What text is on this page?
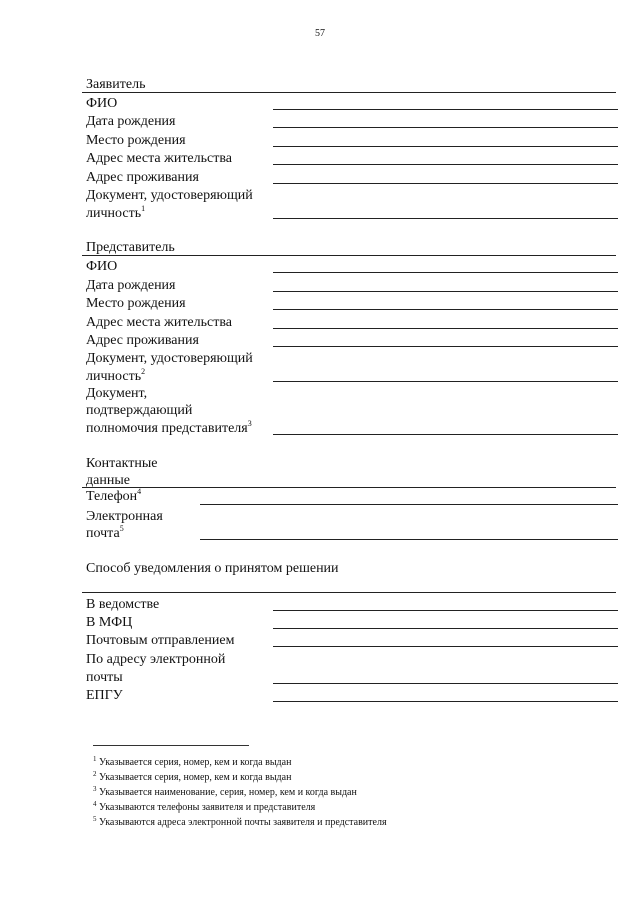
57
Заявитель
ФИО
Дата рождения
Место рождения
Адрес места жительства
Адрес проживания
Документ, удостоверяющий
личность$^1$
Представитель
ФИО
Дата рождения
Место рождения
Адрес места жительства
Адрес проживания
Документ, удостоверяющий
личность$^2$
Документ,
подтверждающий
полномочия представителя$^3$
Контактные
данные
Телефон$^4$
Электронная
почта$^5$
Способ уведомления о принятом решении
В ведомстве
В МФЦ
Почтовым отправлением
По адресу электронной
почты
ЕПГУ
$^1$ Указывается серия, номер, кем и когда выдан
$^2$ Указывается серия, номер, кем и когда выдан
$^3$ Указывается наименование, серия, номер, кем и когда выдан
$^4$ Указываются телефоны заявителя и представителя
$^5$ Указываются адреса электронной почты заявителя и представителя
